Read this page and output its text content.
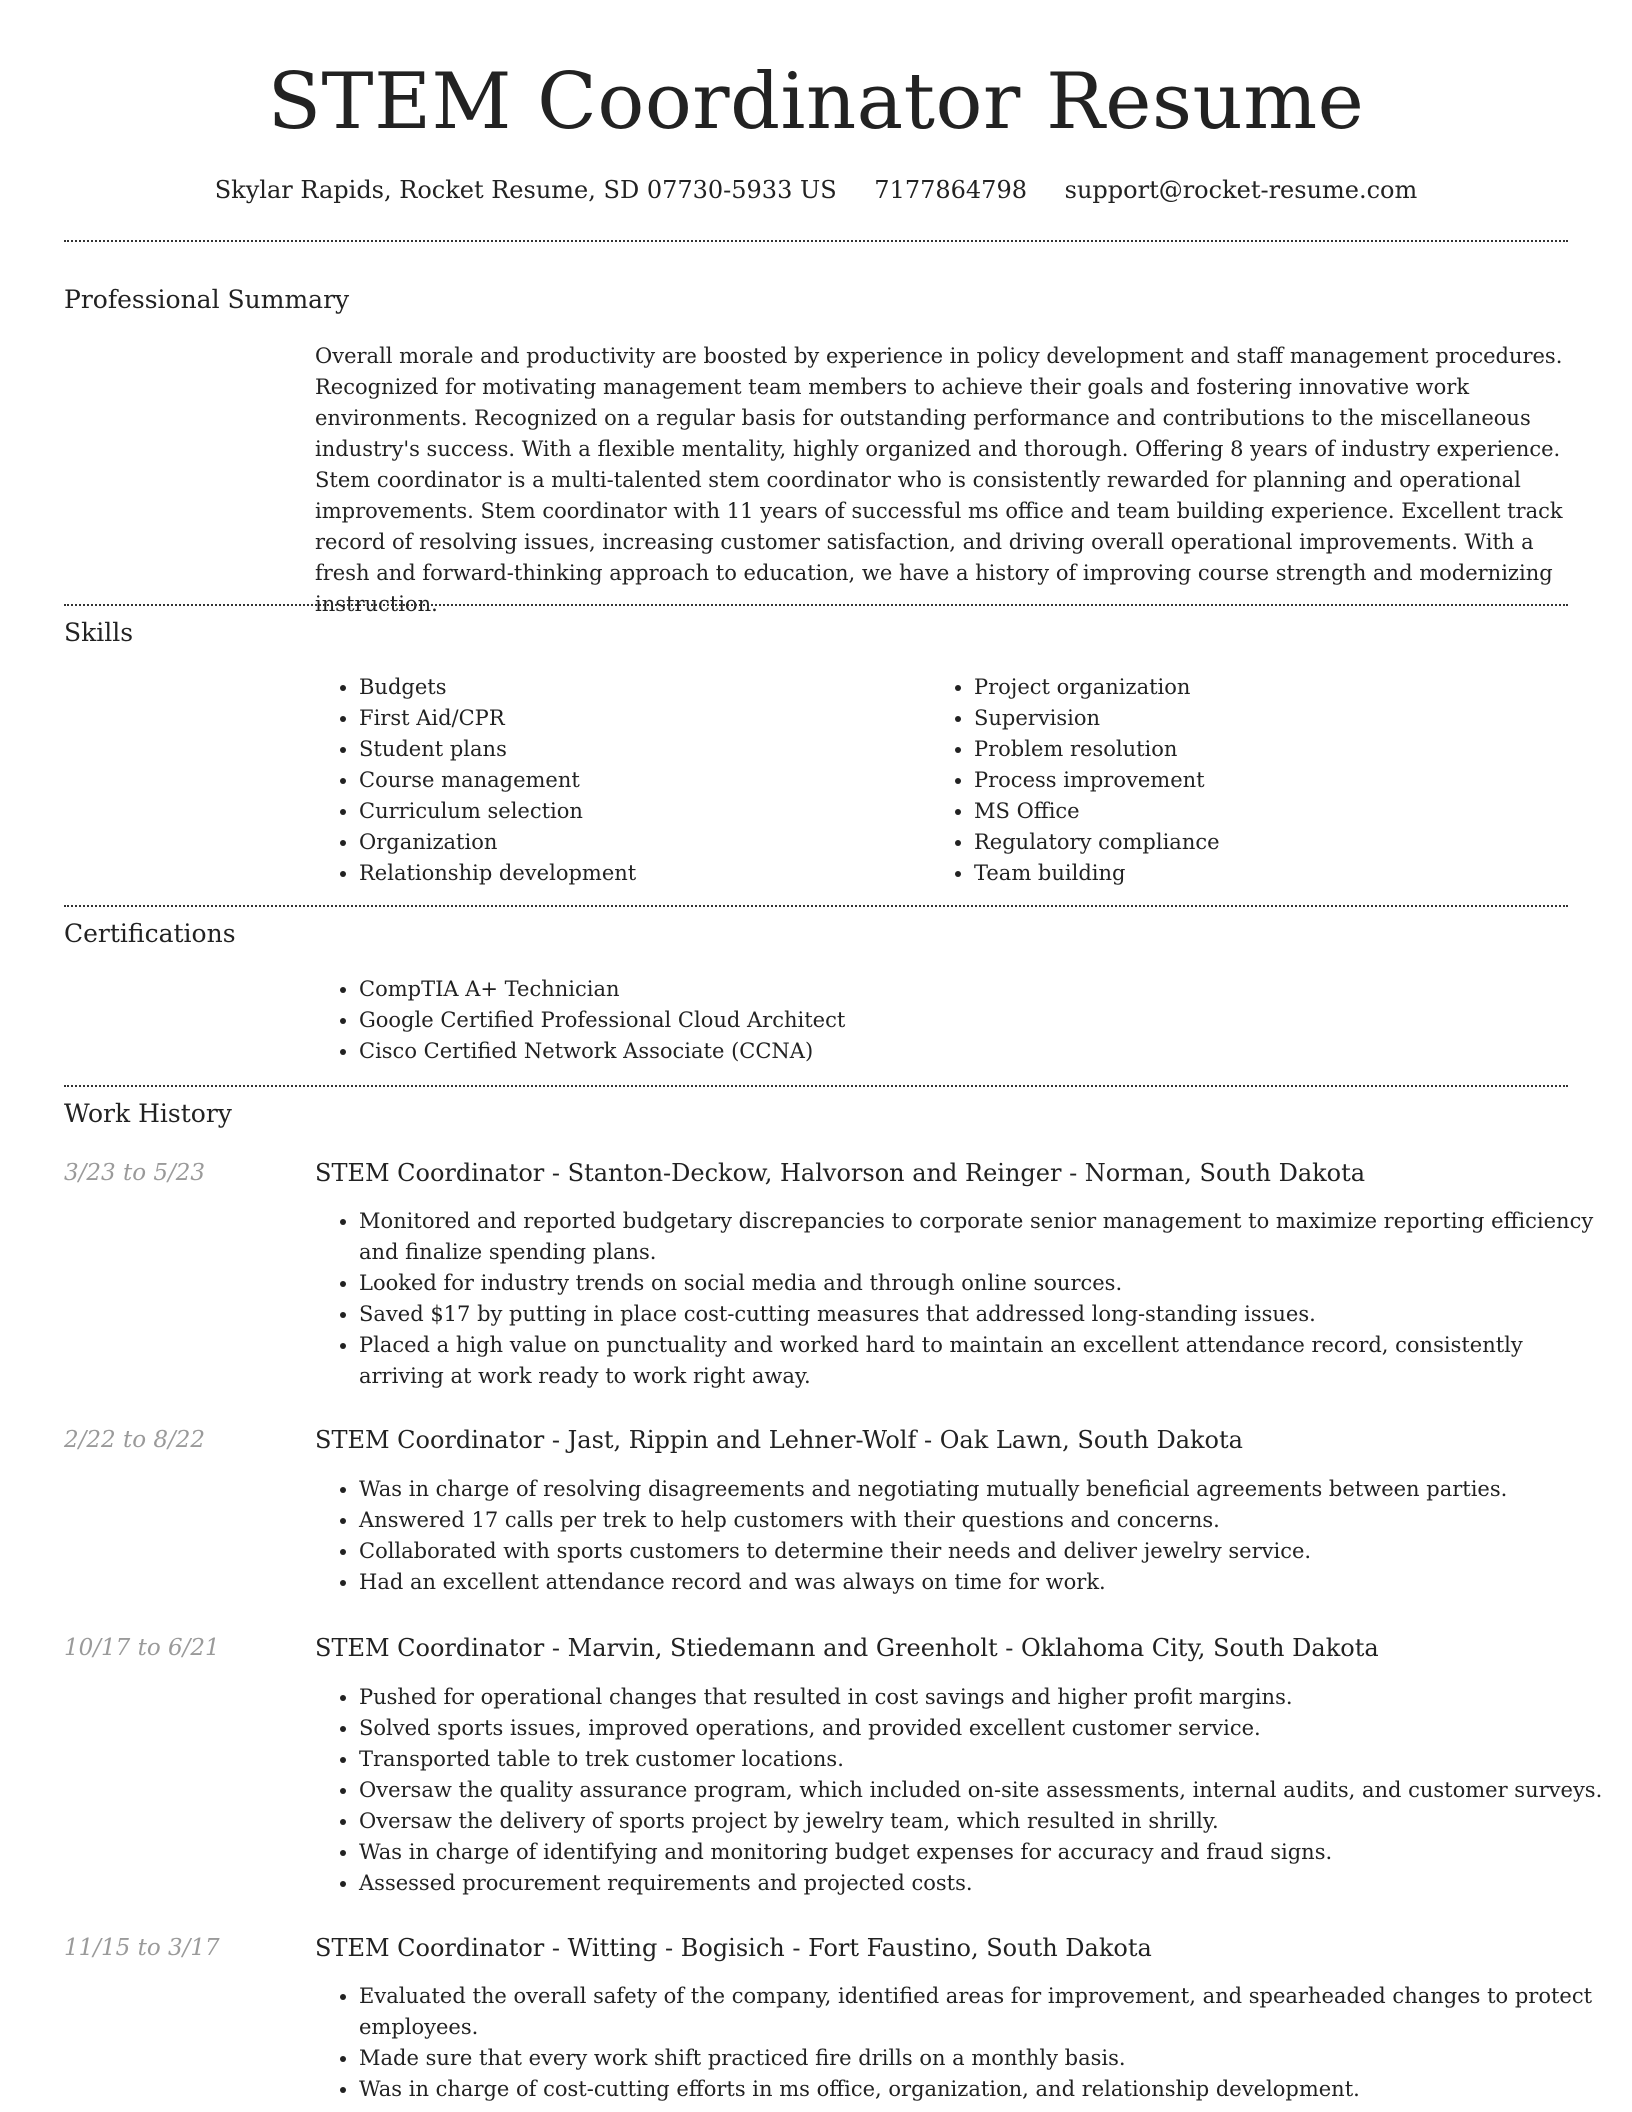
STEM Coordinator Resume
Skylar Rapids, Rocket Resume, SD 07730-5933 US 7177864798 support@rocket-resume.com
Professional Summary

Overall morale and productivity are boosted by experience in policy development and staff management procedures. Recognized for motivating management team members to achieve their goals and fostering innovative work environments. Recognized on a regular basis for outstanding performance and contributions to the miscellaneous industry's success. With a flexible mentality, highly organized and thorough. Offering 8 years of industry experience. Stem coordinator is a multi-talented stem coordinator who is consistently rewarded for planning and operational improvements. Stem coordinator with 11 years of successful ms office and team building experience. Excellent track record of resolving issues, increasing customer satisfaction, and driving overall operational improvements. With a fresh and forward-thinking approach to education, we have a history of improving course strength and modernizing instruction.

Skills
• Budgets
• First Aid/CPR
• Student plans
• Course management
• Curriculum selection
• Organization
• Relationship development
• Project organization
• Supervision
• Problem resolution
• Process improvement
• MS Office
• Regulatory compliance
• Team building
Certifications
• CompTIA A+ Technician
• Google Certified Professional Cloud Architect
• Cisco Certified Network Associate (CCNA)
Work History
3/23 to 5/23	STEM Coordinator - Stanton-Deckow, Halvorson and Reinger - Norman, South Dakota
• Monitored and reported budgetary discrepancies to corporate senior management to maximize reporting efficiency and finalize spending plans.
• Looked for industry trends on social media and through online sources.
• Saved $17 by putting in place cost-cutting measures that addressed long-standing issues.
• Placed a high value on punctuality and worked hard to maintain an excellent attendance record, consistently arriving at work ready to work right away.
2/22 to 8/22	STEM Coordinator - Jast, Rippin and Lehner-Wolf - Oak Lawn, South Dakota
• Was in charge of resolving disagreements and negotiating mutually beneficial agreements between parties.
• Answered 17 calls per trek to help customers with their questions and concerns.
• Collaborated with sports customers to determine their needs and deliver jewelry service.
• Had an excellent attendance record and was always on time for work.
10/17 to 6/21	STEM Coordinator - Marvin, Stiedemann and Greenholt - Oklahoma City, South Dakota
• Pushed for operational changes that resulted in cost savings and higher profit margins.
• Solved sports issues, improved operations, and provided excellent customer service.
• Transported table to trek customer locations.
• Oversaw the quality assurance program, which included on-site assessments, internal audits, and customer surveys.
• Oversaw the delivery of sports project by jewelry team, which resulted in shrilly.
• Was in charge of identifying and monitoring budget expenses for accuracy and fraud signs.
• Assessed procurement requirements and projected costs.
11/15 to 3/17	STEM Coordinator - Witting - Bogisich - Fort Faustino, South Dakota
• Evaluated the overall safety of the company, identified areas for improvement, and spearheaded changes to protect employees.
• Made sure that every work shift practiced fire drills on a monthly basis.
• Was in charge of cost-cutting efforts in ms office, organization, and relationship development.
